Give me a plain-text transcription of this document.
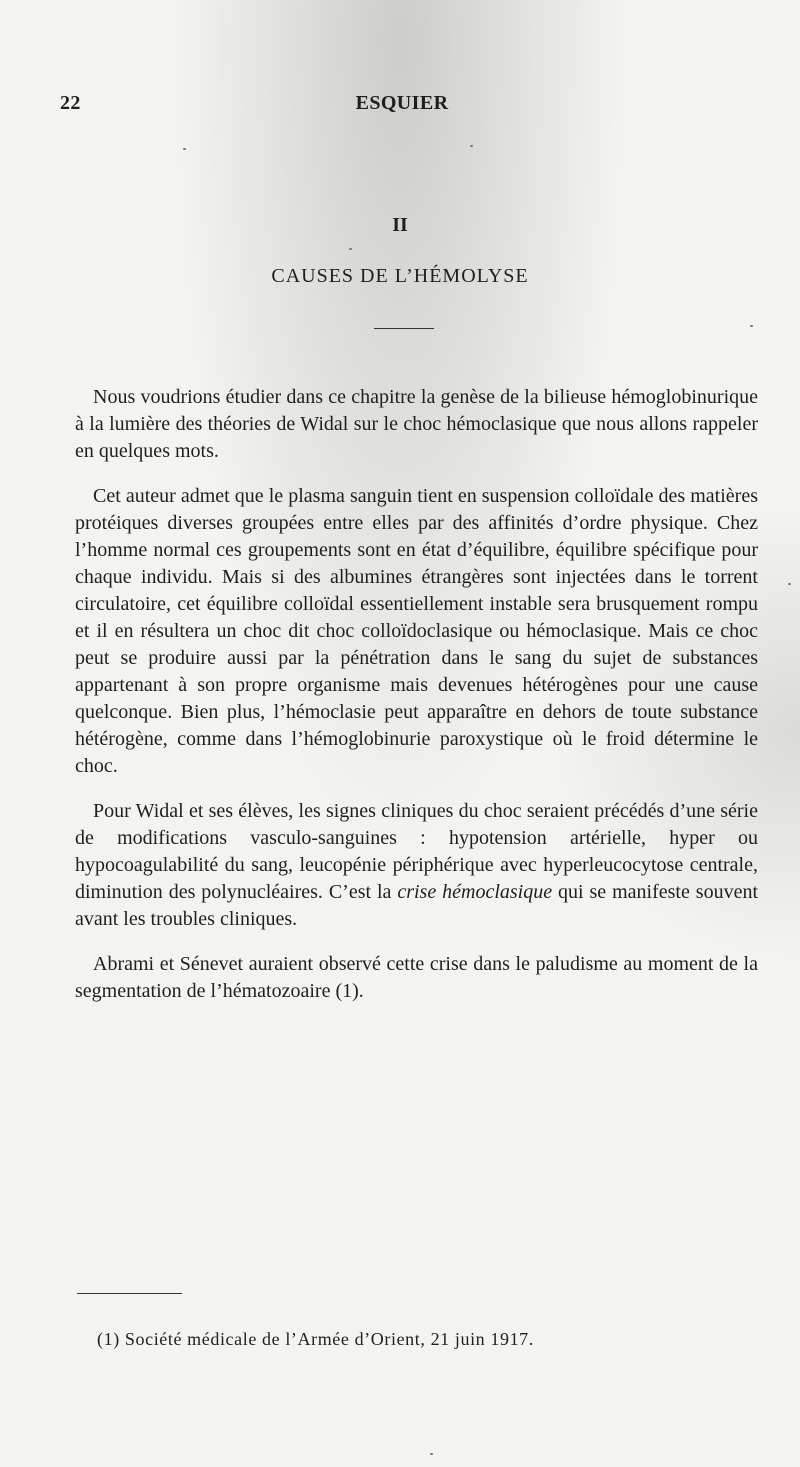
22	ESQUIER
II
CAUSES DE L’HÉMOLYSE

Nous voudrions étudier dans ce chapitre la genèse de la bilieuse hémoglobinurique à la lumière des théories de Widal sur le choc hémoclasique que nous allons rappeler en quelques mots.

Cet auteur admet que le plasma sanguin tient en suspension colloïdale des matières protéiques diverses groupées entre elles par des affinités d’ordre physique. Chez l’homme normal ces groupements sont en état d’équilibre, équilibre spécifique pour chaque individu. Mais si des albumines étrangères sont injectées dans le torrent circulatoire, cet équilibre colloïdal essentiellement instable sera brusquement rompu et il en résultera un choc dit choc colloïdoclasique ou hémoclasique. Mais ce choc peut se produire aussi par la pénétration dans le sang du sujet de substances appartenant à son propre organisme mais devenues hétérogènes pour une cause quelconque. Bien plus, l’hémoclasie peut apparaître en dehors de toute substance hétérogène, comme dans l’hémoglobinurie paroxystique où le froid détermine le choc.

Pour Widal et ses élèves, les signes cliniques du choc seraient précédés d’une série de modifications vasculo-sanguines : hypotension artérielle, hyper ou hypocoagulabilité du sang, leucopénie périphérique avec hyperleucocytose centrale, diminution des polynucléaires. C’est la crise hémoclasique qui se manifeste souvent avant les troubles cliniques.

Abrami et Sénevet auraient observé cette crise dans le paludisme au moment de la segmentation de l’hématozoaire (1).

(1) Société médicale de l’Armée d’Orient, 21 juin 1917.
